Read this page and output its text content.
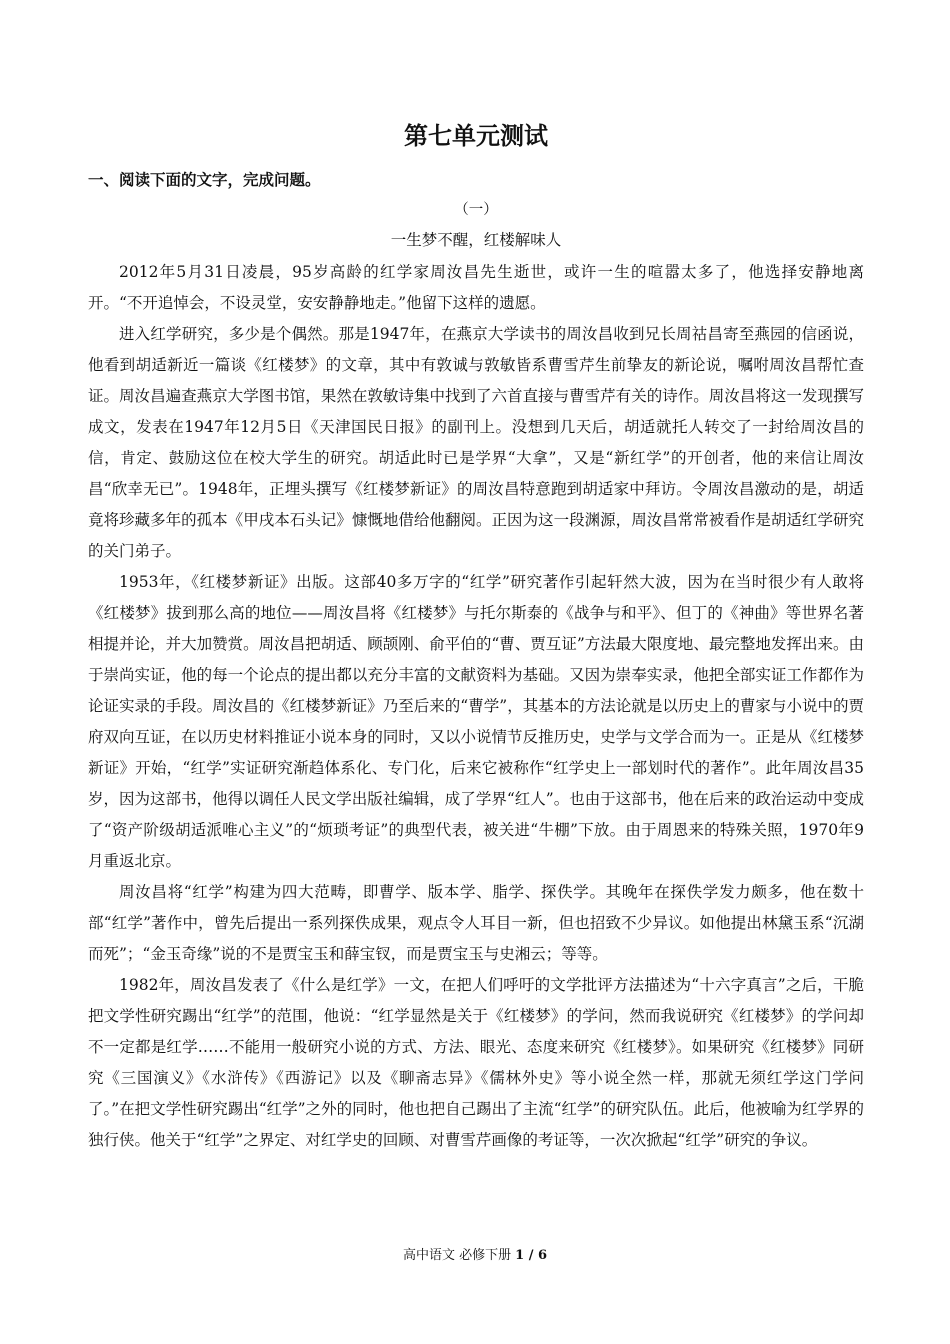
第七单元测试
一、阅读下面的文字，完成问题。
（一）
一生梦不醒，红楼解味人

2012年5月31日凌晨，95岁高龄的红学家周汝昌先生逝世，或许一生的喧嚣太多了，他选择安静地离开。“不开追悼会，不设灵堂，安安静静地走。”他留下这样的遗愿。

进入红学研究，多少是个偶然。那是1947年，在燕京大学读书的周汝昌收到兄长周祜昌寄至燕园的信函说，他看到胡适新近一篇谈《红楼梦》的文章，其中有敦诚与敦敏皆系曹雪芹生前挚友的新论说，嘱咐周汝昌帮忙查证。周汝昌遍查燕京大学图书馆，果然在敦敏诗集中找到了六首直接与曹雪芹有关的诗作。周汝昌将这一发现撰写成文，发表在1947年12月5日《天津国民日报》的副刊上。没想到几天后，胡适就托人转交了一封给周汝昌的信，肯定、鼓励这位在校大学生的研究。胡适此时已是学界“大拿”，又是“新红学”的开创者，他的来信让周汝昌“欣幸无已”。1948年，正埋头撰写《红楼梦新证》的周汝昌特意跑到胡适家中拜访。令周汝昌激动的是，胡适竟将珍藏多年的孤本《甲戌本石头记》慷慨地借给他翻阅。正因为这一段渊源，周汝昌常常被看作是胡适红学研究的关门弟子。

1953年，《红楼梦新证》出版。这部40多万字的“红学”研究著作引起轩然大波，因为在当时很少有人敢将《红楼梦》拔到那么高的地位——周汝昌将《红楼梦》与托尔斯泰的《战争与和平》、但丁的《神曲》等世界名著相提并论，并大加赞赏。周汝昌把胡适、顾颉刚、俞平伯的“曹、贾互证”方法最大限度地、最完整地发挥出来。由于崇尚实证，他的每一个论点的提出都以充分丰富的文献资料为基础。又因为崇奉实录，他把全部实证工作都作为论证实录的手段。周汝昌的《红楼梦新证》乃至后来的“曹学”，其基本的方法论就是以历史上的曹家与小说中的贾府双向互证，在以历史材料推证小说本身的同时，又以小说情节反推历史，史学与文学合而为一。正是从《红楼梦新证》开始，“红学”实证研究渐趋体系化、专门化，后来它被称作“红学史上一部划时代的著作”。此年周汝昌35岁，因为这部书，他得以调任人民文学出版社编辑，成了学界“红人”。也由于这部书，他在后来的政治运动中变成了“资产阶级胡适派唯心主义”的“烦琐考证”的典型代表，被关进“牛棚”下放。由于周恩来的特殊关照，1970年9月重返北京。

周汝昌将“红学”构建为四大范畴，即曹学、版本学、脂学、探佚学。其晚年在探佚学发力颇多，他在数十部“红学”著作中，曾先后提出一系列探佚成果，观点令人耳目一新，但也招致不少异议。如他提出林黛玉系“沉湖而死”；“金玉奇缘”说的不是贾宝玉和薛宝钗，而是贾宝玉与史湘云；等等。

1982年，周汝昌发表了《什么是红学》一文，在把人们呼吁的文学批评方法描述为“十六字真言”之后，干脆把文学性研究踢出“红学”的范围，他说：“红学显然是关于《红楼梦》的学问，然而我说研究《红楼梦》的学问却不一定都是红学……不能用一般研究小说的方式、方法、眼光、态度来研究《红楼梦》。如果研究《红楼梦》同研究《三国演义》《水浒传》《西游记》以及《聊斋志异》《儒林外史》等小说全然一样，那就无须红学这门学问了。”在把文学性研究踢出“红学”之外的同时，他也把自己踢出了主流“红学”的研究队伍。此后，他被喻为红学界的独行侠。他关于“红学”之界定、对红学史的回顾、对曹雪芹画像的考证等，一次次掀起“红学”研究的争议。

高中语文 必修下册 1 / 6
